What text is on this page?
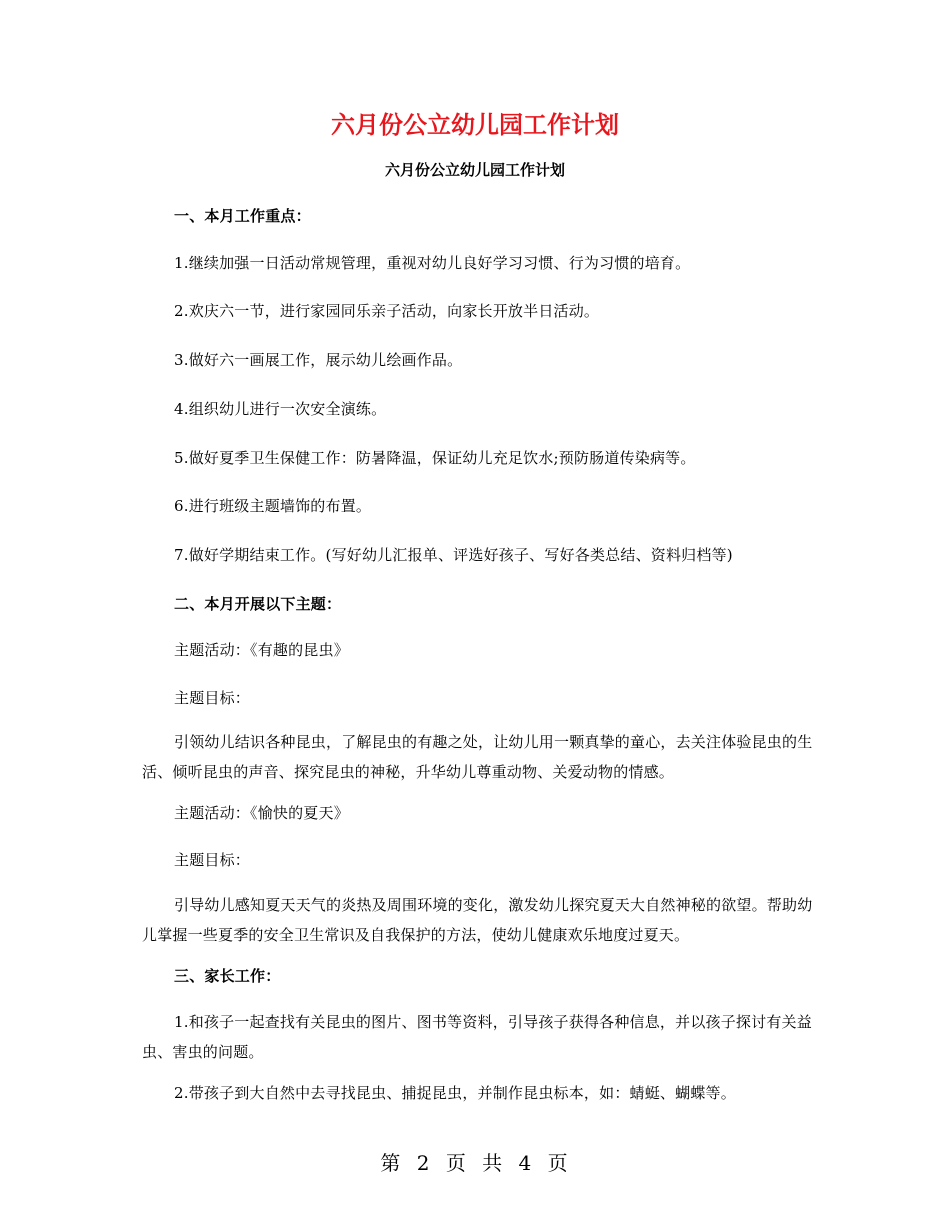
六月份公立幼儿园工作计划
六月份公立幼儿园工作计划

一、本月工作重点：

1.继续加强一日活动常规管理，重视对幼儿良好学习习惯、行为习惯的培育。

2.欢庆六一节，进行家园同乐亲子活动，向家长开放半日活动。

3.做好六一画展工作，展示幼儿绘画作品。

4.组织幼儿进行一次安全演练。

5.做好夏季卫生保健工作：防暑降温，保证幼儿充足饮水;预防肠道传染病等。

6.进行班级主题墙饰的布置。

7.做好学期结束工作。(写好幼儿汇报单、评选好孩子、写好各类总结、资料归档等)

二、本月开展以下主题：

主题活动：《有趣的昆虫》

主题目标：

引领幼儿结识各种昆虫，了解昆虫的有趣之处，让幼儿用一颗真挚的童心，去关注体验昆虫的生活、倾听昆虫的声音、探究昆虫的神秘，升华幼儿尊重动物、关爱动物的情感。

主题活动：《愉快的夏天》

主题目标：

引导幼儿感知夏天天气的炎热及周围环境的变化，激发幼儿探究夏天大自然神秘的欲望。帮助幼儿掌握一些夏季的安全卫生常识及自我保护的方法，使幼儿健康欢乐地度过夏天。

三、家长工作：

1.和孩子一起查找有关昆虫的图片、图书等资料，引导孩子获得各种信息，并以孩子探讨有关益虫、害虫的问题。

2.带孩子到大自然中去寻找昆虫、捕捉昆虫，并制作昆虫标本，如：蜻蜓、蝴蝶等。

第 2 页 共 4 页
